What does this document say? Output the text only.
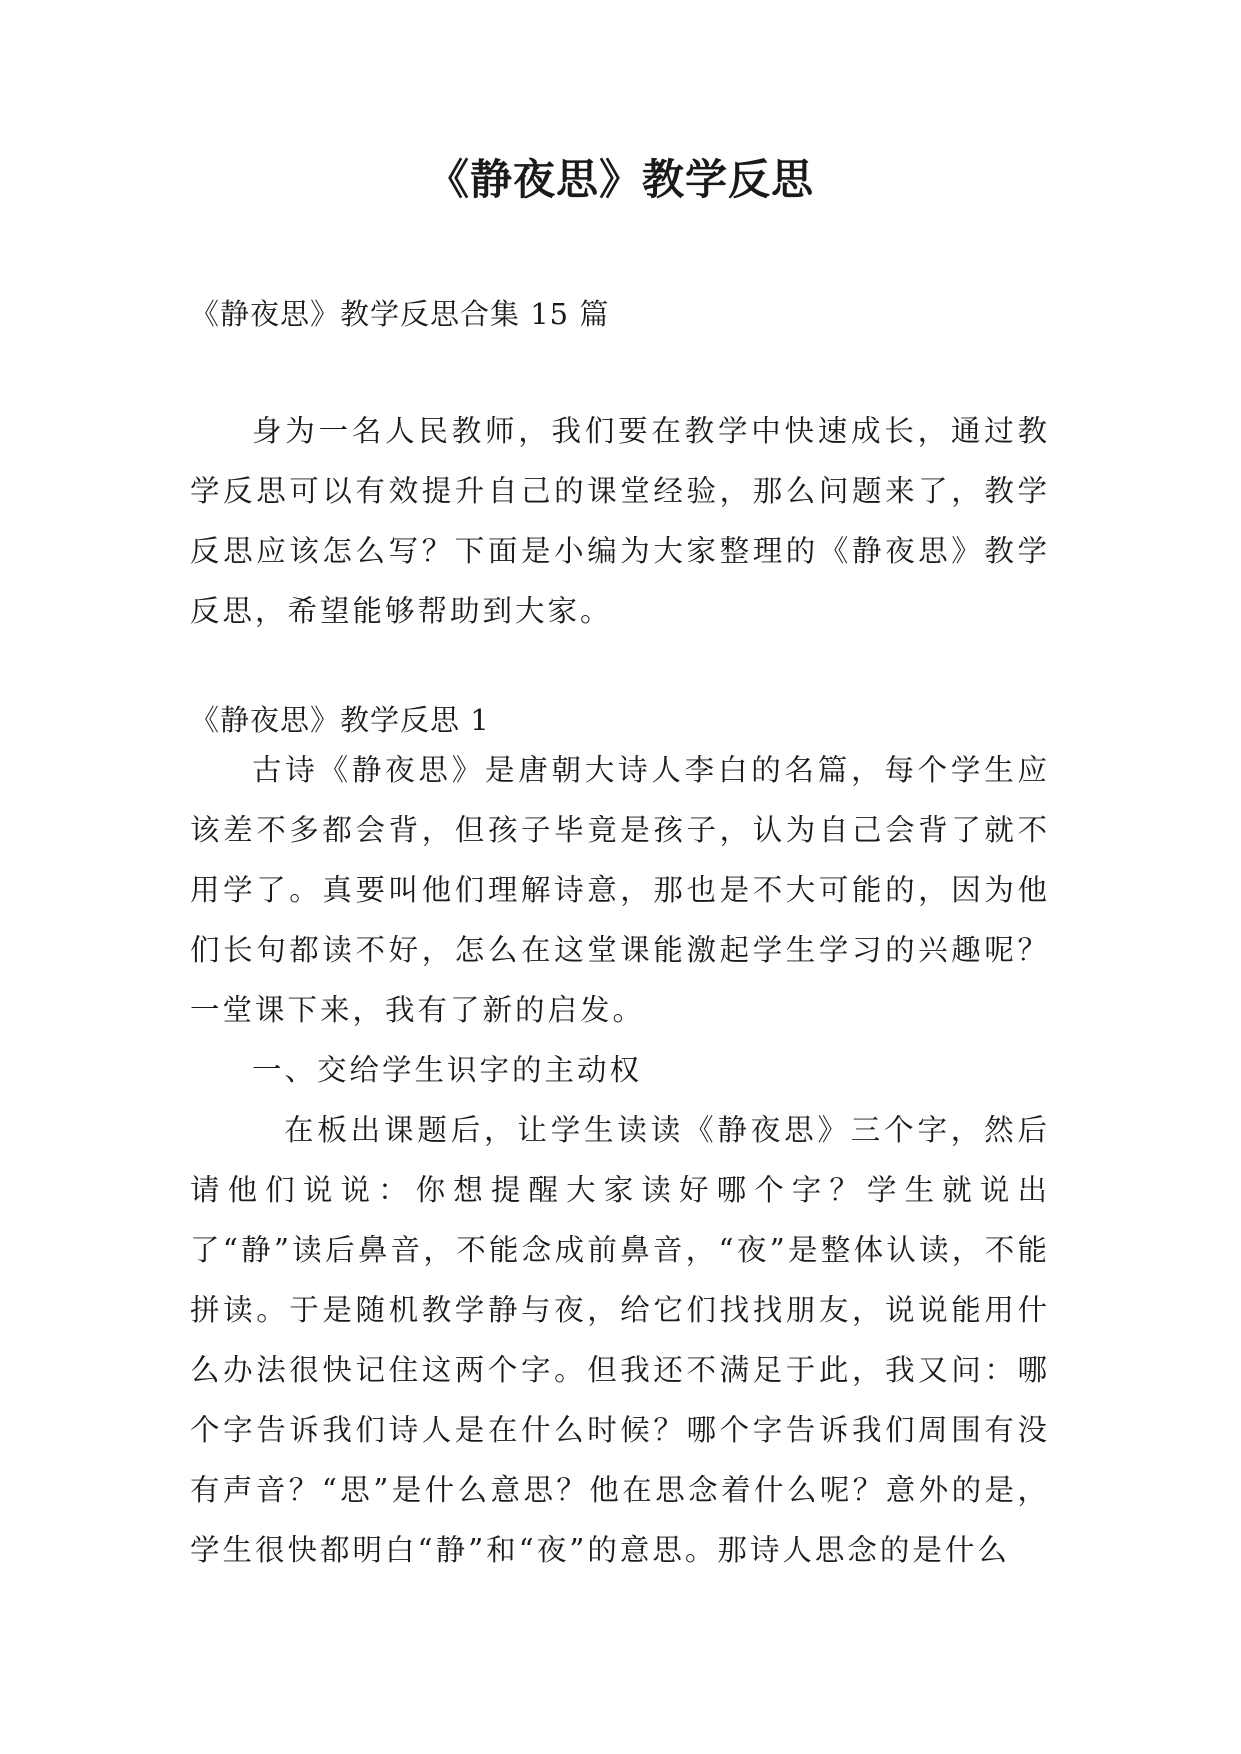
《静夜思》教学反思

《静夜思》教学反思合集 15 篇

身为一名人民教师，我们要在教学中快速成长，通过教学反思可以有效提升自己的课堂经验，那么问题来了，教学反思应该怎么写？下面是小编为大家整理的《静夜思》教学反思，希望能够帮助到大家。

《静夜思》教学反思 1

古诗《静夜思》是唐朝大诗人李白的名篇，每个学生应该差不多都会背，但孩子毕竟是孩子，认为自己会背了就不用学了。真要叫他们理解诗意，那也是不大可能的，因为他们长句都读不好，怎么在这堂课能激起学生学习的兴趣呢？一堂课下来，我有了新的启发。

一、交给学生识字的主动权

在板出课题后，让学生读读《静夜思》三个字，然后请他们说说：你想提醒大家读好哪个字？学生就说出了“静”读后鼻音，不能念成前鼻音，“夜”是整体认读，不能拼读。于是随机教学静与夜，给它们找找朋友，说说能用什么办法很快记住这两个字。但我还不满足于此，我又问：哪个字告诉我们诗人是在什么时候？哪个字告诉我们周围有没有声音？“思”是什么意思？他在思念着什么呢？意外的是，学生很快都明白“静”和“夜”的意思。那诗人思念的是什么
